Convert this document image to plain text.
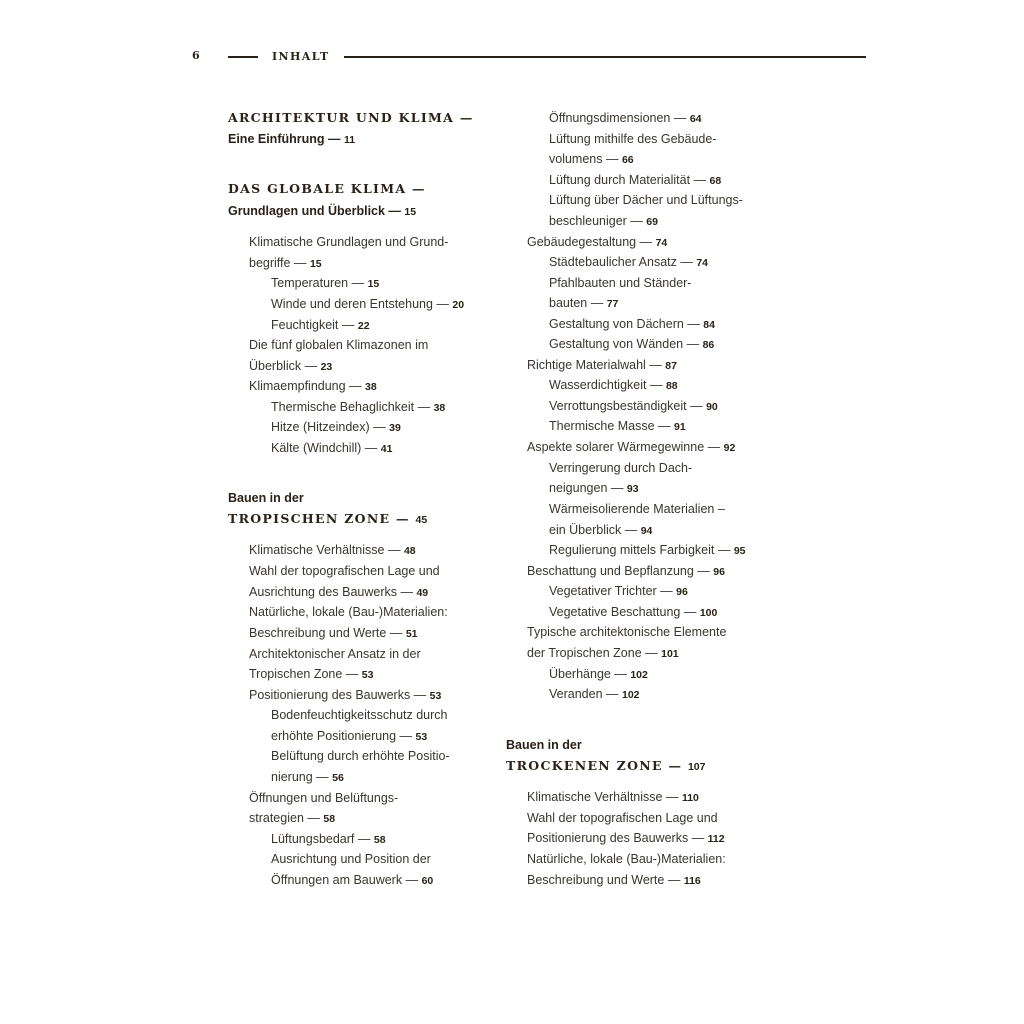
6	INHALT
ARCHITEKTUR UND KLIMA —
Eine Einführung — 11
DAS GLOBALE KLIMA —
Grundlagen und Überblick — 15
Klimatische Grundlagen und Grund-
begriffe — 15
Temperaturen — 15
Winde und deren Entstehung — 20
Feuchtigkeit — 22
Die fünf globalen Klimazonen im
Überblick — 23
Klimaempfindung — 38
Thermische Behaglichkeit — 38
Hitze (Hitzeindex) — 39
Kälte (Windchill) — 41
Bauen in der
TROPISCHEN ZONE — 45
Klimatische Verhältnisse — 48
Wahl der topografischen Lage und
Ausrichtung des Bauwerks — 49
Natürliche, lokale (Bau-)Materialien:
Beschreibung und Werte — 51
Architektonischer Ansatz in der
Tropischen Zone — 53
Positionierung des Bauwerks — 53
Bodenfeuchtigkeitsschutz durch
erhöhte Positionierung — 53
Belüftung durch erhöhte Positio-
nierung — 56
Öffnungen und Belüftungs-
strategien — 58
Lüftungsbedarf — 58
Ausrichtung und Position der
Öffnungen am Bauwerk — 60
Öffnungsdimensionen — 64
Lüftung mithilfe des Gebäude-
volumens — 66
Lüftung durch Materialität — 68
Lüftung über Dächer und Lüftungs-
beschleuniger — 69
Gebäudegestaltung — 74
Städtebaulicher Ansatz — 74
Pfahlbauten und Ständer-
bauten — 77
Gestaltung von Dächern — 84
Gestaltung von Wänden — 86
Richtige Materialwahl — 87
Wasserdichtigkeit — 88
Verrottungsbeständigkeit — 90
Thermische Masse — 91
Aspekte solarer Wärmegewinne — 92
Verringerung durch Dach-
neigungen — 93
Wärmeisolierende Materialien –
ein Überblick — 94
Regulierung mittels Farbigkeit — 95
Beschattung und Bepflanzung — 96
Vegetativer Trichter — 96
Vegetative Beschattung — 100
Typische architektonische Elemente
der Tropischen Zone — 101
Überhänge — 102
Veranden — 102
Bauen in der
TROCKENEN ZONE — 107
Klimatische Verhältnisse — 110
Wahl der topografischen Lage und
Positionierung des Bauwerks — 112
Natürliche, lokale (Bau-)Materialien:
Beschreibung und Werte — 116
